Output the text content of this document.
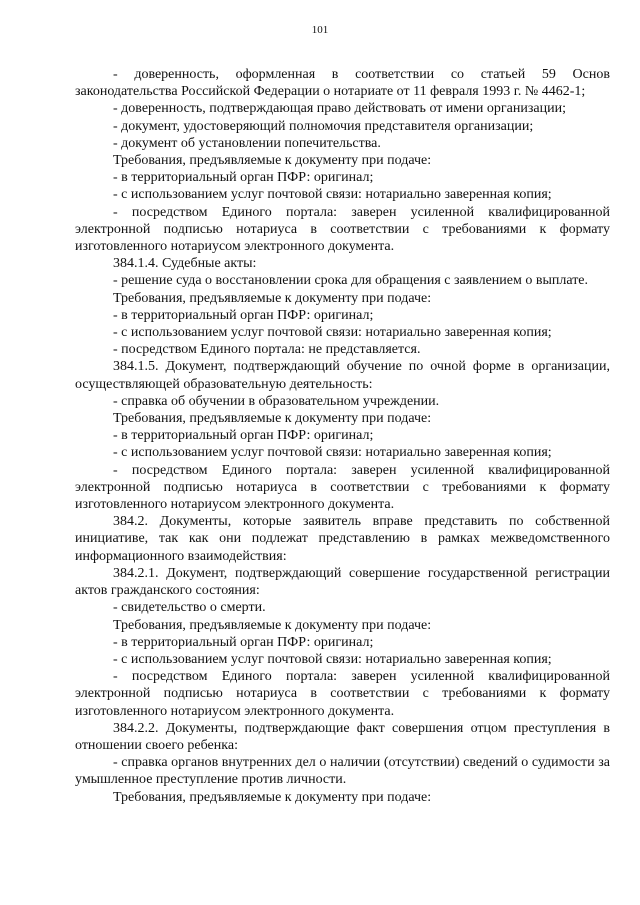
101

- доверенность, оформленная в соответствии со статьей 59 Основ законодательства Российской Федерации о нотариате от 11 февраля 1993 г. № 4462-1;

- доверенность, подтверждающая право действовать от имени организации;

- документ, удостоверяющий полномочия представителя организации;

- документ об установлении попечительства.

Требования, предъявляемые к документу при подаче:

- в территориальный орган ПФР: оригинал;

- с использованием услуг почтовой связи: нотариально заверенная копия;

- посредством Единого портала: заверен усиленной квалифицированной электронной подписью нотариуса в соответствии с требованиями к формату изготовленного нотариусом электронного документа.

384.1.4. Судебные акты:

- решение суда о восстановлении срока для обращения с заявлением о выплате.

Требования, предъявляемые к документу при подаче:

- в территориальный орган ПФР: оригинал;

- с использованием услуг почтовой связи: нотариально заверенная копия;

- посредством Единого портала: не представляется.

384.1.5. Документ, подтверждающий обучение по очной форме в организации, осуществляющей образовательную деятельность:

- справка об обучении в образовательном учреждении.

Требования, предъявляемые к документу при подаче:

- в территориальный орган ПФР: оригинал;

- с использованием услуг почтовой связи: нотариально заверенная копия;

- посредством Единого портала: заверен усиленной квалифицированной электронной подписью нотариуса в соответствии с требованиями к формату изготовленного нотариусом электронного документа.

384.2. Документы, которые заявитель вправе представить по собственной инициативе, так как они подлежат представлению в рамках межведомственного информационного взаимодействия:

384.2.1. Документ, подтверждающий совершение государственной регистрации актов гражданского состояния:

- свидетельство о смерти.

Требования, предъявляемые к документу при подаче:

- в территориальный орган ПФР: оригинал;

- с использованием услуг почтовой связи: нотариально заверенная копия;

- посредством Единого портала: заверен усиленной квалифицированной электронной подписью нотариуса в соответствии с требованиями к формату изготовленного нотариусом электронного документа.

384.2.2. Документы, подтверждающие факт совершения отцом преступления в отношении своего ребенка:

- справка органов внутренних дел о наличии (отсутствии) сведений о судимости за умышленное преступление против личности.

Требования, предъявляемые к документу при подаче:
